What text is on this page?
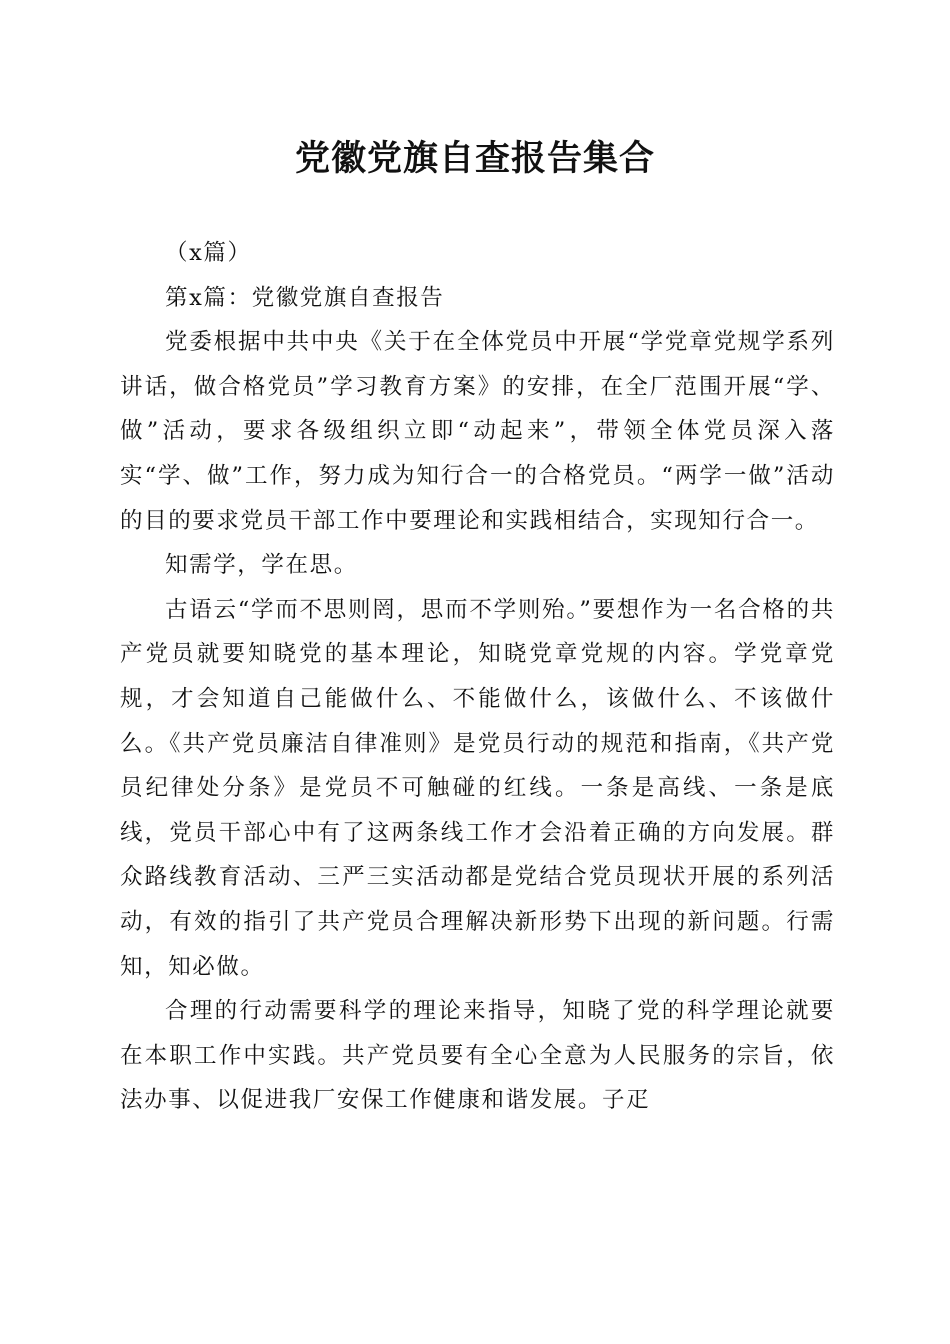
党徽党旗自查报告集合

（x篇）

第x篇：党徽党旗自查报告

党委根据中共中央《关于在全体党员中开展“学党章党规学系列讲话，做合格党员”学习教育方案》的安排，在全厂范围开展“学、做”活动，要求各级组织立即“动起来”，带领全体党员深入落实“学、做”工作，努力成为知行合一的合格党员。“两学一做”活动的目的要求党员干部工作中要理论和实践相结合，实现知行合一。

知需学，学在思。

古语云“学而不思则罔，思而不学则殆。”要想作为一名合格的共产党员就要知晓党的基本理论，知晓党章党规的内容。学党章党规，才会知道自己能做什么、不能做什么，该做什么、不该做什么。《共产党员廉洁自律准则》是党员行动的规范和指南，《共产党员纪律处分条》是党员不可触碰的红线。一条是高线、一条是底线，党员干部心中有了这两条线工作才会沿着正确的方向发展。群众路线教育活动、三严三实活动都是党结合党员现状开展的系列活动，有效的指引了共产党员合理解决新形势下出现的新问题。行需知，知必做。

合理的行动需要科学的理论来指导，知晓了党的科学理论就要在本职工作中实践。共产党员要有全心全意为人民服务的宗旨，依法办事、以促进我厂安保工作健康和谐发展。子疋
